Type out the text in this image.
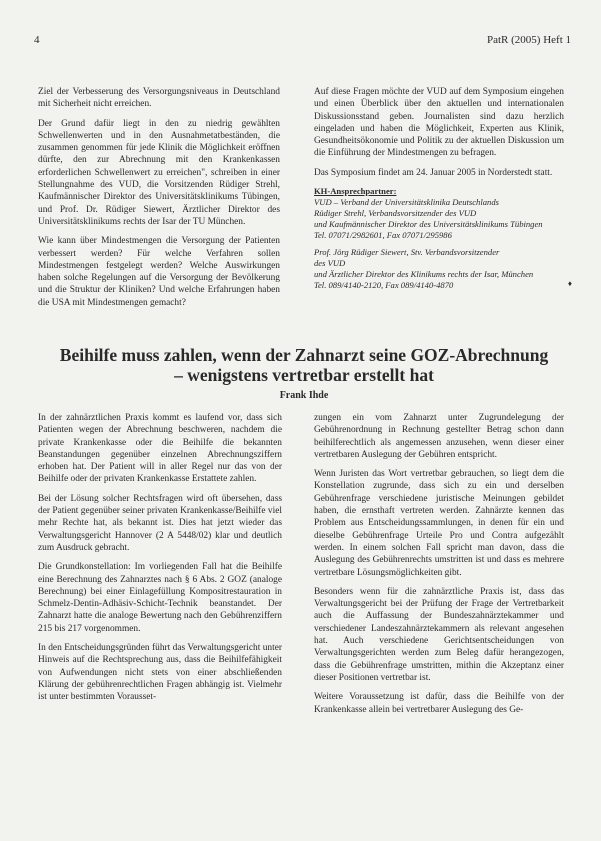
4	PatR (2005) Heft 1

Ziel der Verbesserung des Versorgungsniveaus in Deutschland mit Sicherheit nicht erreichen.

Der Grund dafür liegt in den zu niedrig gewählten Schwellenwerten und in den Ausnahmetatbeständen, die zusammen genommen für jede Klinik die Möglichkeit eröffnen dürfte, den zur Abrechnung mit den Krankenkassen erforderlichen Schwellenwert zu erreichen", schreiben in einer Stellungnahme des VUD, die Vorsitzenden Rüdiger Strehl, Kaufmännischer Direktor des Universitätsklinikums Tübingen, und Prof. Dr. Rüdiger Siewert, Ärztlicher Direktor des Universitätsklinikums rechts der Isar der TU München.

Wie kann über Mindestmengen die Versorgung der Patienten verbessert werden? Für welche Verfahren sollen Mindestmengen festgelegt werden? Welche Auswirkungen haben solche Regelungen auf die Versorgung der Bevölkerung und die Struktur der Kliniken? Und welche Erfahrungen haben die USA mit Mindestmengen gemacht?

Auf diese Fragen möchte der VUD auf dem Symposium eingehen und einen Überblick über den aktuellen und internationalen Diskussionsstand geben. Journalisten sind dazu herzlich eingeladen und haben die Möglichkeit, Experten aus Klinik, Gesundheitsökonomie und Politik zu der aktuellen Diskussion um die Einführung der Mindestmengen zu befragen.

Das Symposium findet am 24. Januar 2005 in Norderstedt statt.

KH-Ansprechpartner:
VUD – Verband der Universitätsklinika Deutschlands
Rüdiger Strehl, Verbandsvorsitzender des VUD
und Kaufmännischer Direktor des Universitätsklinikums Tübingen
Tel. 07071/2982601, Fax 07071/295986
Prof. Jörg Rüdiger Siewert, Stv. Verbandsvorsitzender
des VUD
und Ärztlicher Direktor des Klinikums rechts der Isar, München
Tel. 089/4140-2120, Fax 089/4140-4870	♦
Beihilfe muss zahlen, wenn der Zahnarzt seine GOZ-Abrechnung
– wenigstens vertretbar erstellt hat
Frank Ihde

In der zahnärztlichen Praxis kommt es laufend vor, dass sich Patienten wegen der Abrechnung beschweren, nachdem die private Krankenkasse oder die Beihilfe die bekannten Beanstandungen gegenüber einzelnen Abrechnungsziffern erhoben hat. Der Patient will in aller Regel nur das von der Beihilfe oder der privaten Krankenkasse Erstattete zahlen.

Bei der Lösung solcher Rechtsfragen wird oft übersehen, dass der Patient gegenüber seiner privaten Krankenkasse/Beihilfe viel mehr Rechte hat, als bekannt ist. Dies hat jetzt wieder das Verwaltungsgericht Hannover (2 A 5448/02) klar und deutlich zum Ausdruck gebracht.

Die Grundkonstellation: Im vorliegenden Fall hat die Beihilfe eine Berechnung des Zahnarztes nach § 6 Abs. 2 GOZ (analoge Berechnung) bei einer Einlagefüllung Kompositrestauration in Schmelz-Dentin-Adhäsiv-Schicht-Technik beanstandet. Der Zahnarzt hatte die analoge Bewertung nach den Gebührenziffern 215 bis 217 vorgenommen.

In den Entscheidungsgründen führt das Verwaltungsgericht unter Hinweis auf die Rechtsprechung aus, dass die Beihilfefähigkeit von Aufwendungen nicht stets von einer abschließenden Klärung der gebührenrechtlichen Fragen abhängig ist. Vielmehr ist unter bestimmten Vorausset-

zungen ein vom Zahnarzt unter Zugrundelegung der Gebührenordnung in Rechnung gestellter Betrag schon dann beihilferechtlich als angemessen anzusehen, wenn dieser einer vertretbaren Auslegung der Gebühren entspricht.

Wenn Juristen das Wort vertretbar gebrauchen, so liegt dem die Konstellation zugrunde, dass sich zu ein und derselben Gebührenfrage verschiedene juristische Meinungen gebildet haben, die ernsthaft vertreten werden. Zahnärzte kennen das Problem aus Entscheidungssammlungen, in denen für ein und dieselbe Gebührenfrage Urteile Pro und Contra aufgezählt werden. In einem solchen Fall spricht man davon, dass die Auslegung des Gebührenrechts umstritten ist und dass es mehrere vertretbare Lösungsmöglichkeiten gibt.

Besonders wenn für die zahnärztliche Praxis ist, dass das Verwaltungsgericht bei der Prüfung der Frage der Vertretbarkeit auch die Auffassung der Bundeszahnärztekammer und verschiedener Landeszahnärztekammern als relevant angesehen hat. Auch verschiedene Gerichtsentscheidungen von Verwaltungsgerichten werden zum Beleg dafür herangezogen, dass die Gebührenfrage umstritten, mithin die Akzeptanz einer dieser Positionen vertretbar ist.

Weitere Voraussetzung ist dafür, dass die Beihilfe von der Krankenkasse allein bei vertretbarer Auslegung des Ge-
